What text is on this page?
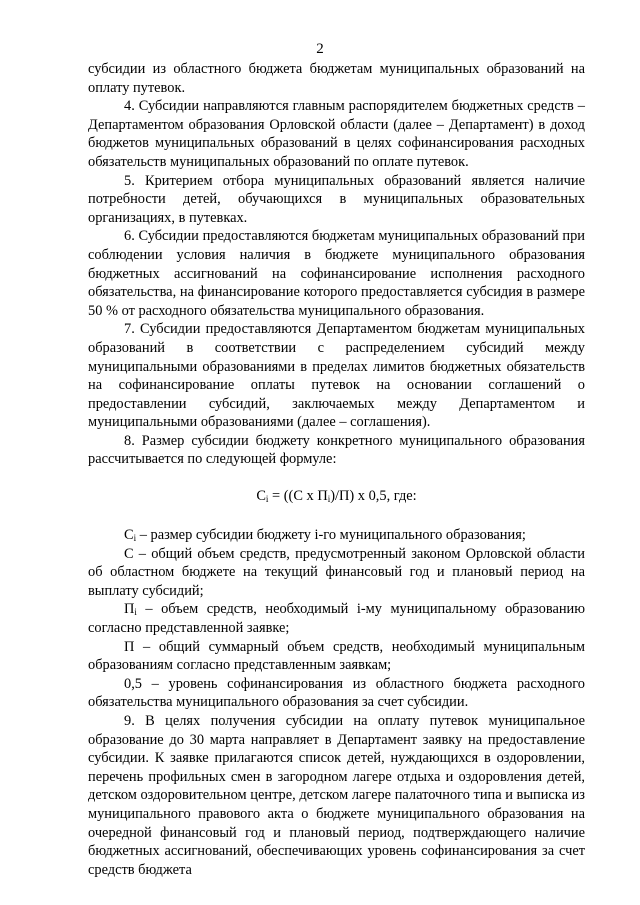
2

субсидии из областного бюджета бюджетам муниципальных образований на оплату путевок.

4. Субсидии направляются главным распорядителем бюджетных средств – Департаментом образования Орловской области (далее – Департамент) в доход бюджетов муниципальных образований в целях софинансирования расходных обязательств муниципальных образований по оплате путевок.

5. Критерием отбора муниципальных образований является наличие потребности детей, обучающихся в муниципальных образовательных организациях, в путевках.

6. Субсидии предоставляются бюджетам муниципальных образований при соблюдении условия наличия в бюджете муниципального образования бюджетных ассигнований на софинансирование исполнения расходного обязательства, на финансирование которого предоставляется субсидия в размере 50 % от расходного обязательства муниципального образования.

7. Субсидии предоставляются Департаментом бюджетам муниципальных образований в соответствии с распределением субсидий между муниципальными образованиями в пределах лимитов бюджетных обязательств на софинансирование оплаты путевок на основании соглашений о предоставлении субсидий, заключаемых между Департаментом и муниципальными образованиями (далее – соглашения).

8. Размер субсидии бюджету конкретного муниципального образования рассчитывается по следующей формуле:

$C_i = ((C$ x $П_i)/П$) x 0,5, где:

$C_i$ – размер субсидии бюджету i-го муниципального образования;

С – общий объем средств, предусмотренный законом Орловской области об областном бюджете на текущий финансовый год и плановый период на выплату субсидий;

$П_i$ – объем средств, необходимый i-му муниципальному образованию согласно представленной заявке;

П – общий суммарный объем средств, необходимый муниципальным образованиям согласно представленным заявкам;

0,5 – уровень софинансирования из областного бюджета расходного обязательства муниципального образования за счет субсидии.

9. В целях получения субсидии на оплату путевок муниципальное образование до 30 марта направляет в Департамент заявку на предоставление субсидии. К заявке прилагаются список детей, нуждающихся в оздоровлении, перечень профильных смен в загородном лагере отдыха и оздоровления детей, детском оздоровительном центре, детском лагере палаточного типа и выписка из муниципального правового акта о бюджете муниципального образования на очередной финансовый год и плановый период, подтверждающего наличие бюджетных ассигнований, обеспечивающих уровень софинансирования за счет средств бюджета
